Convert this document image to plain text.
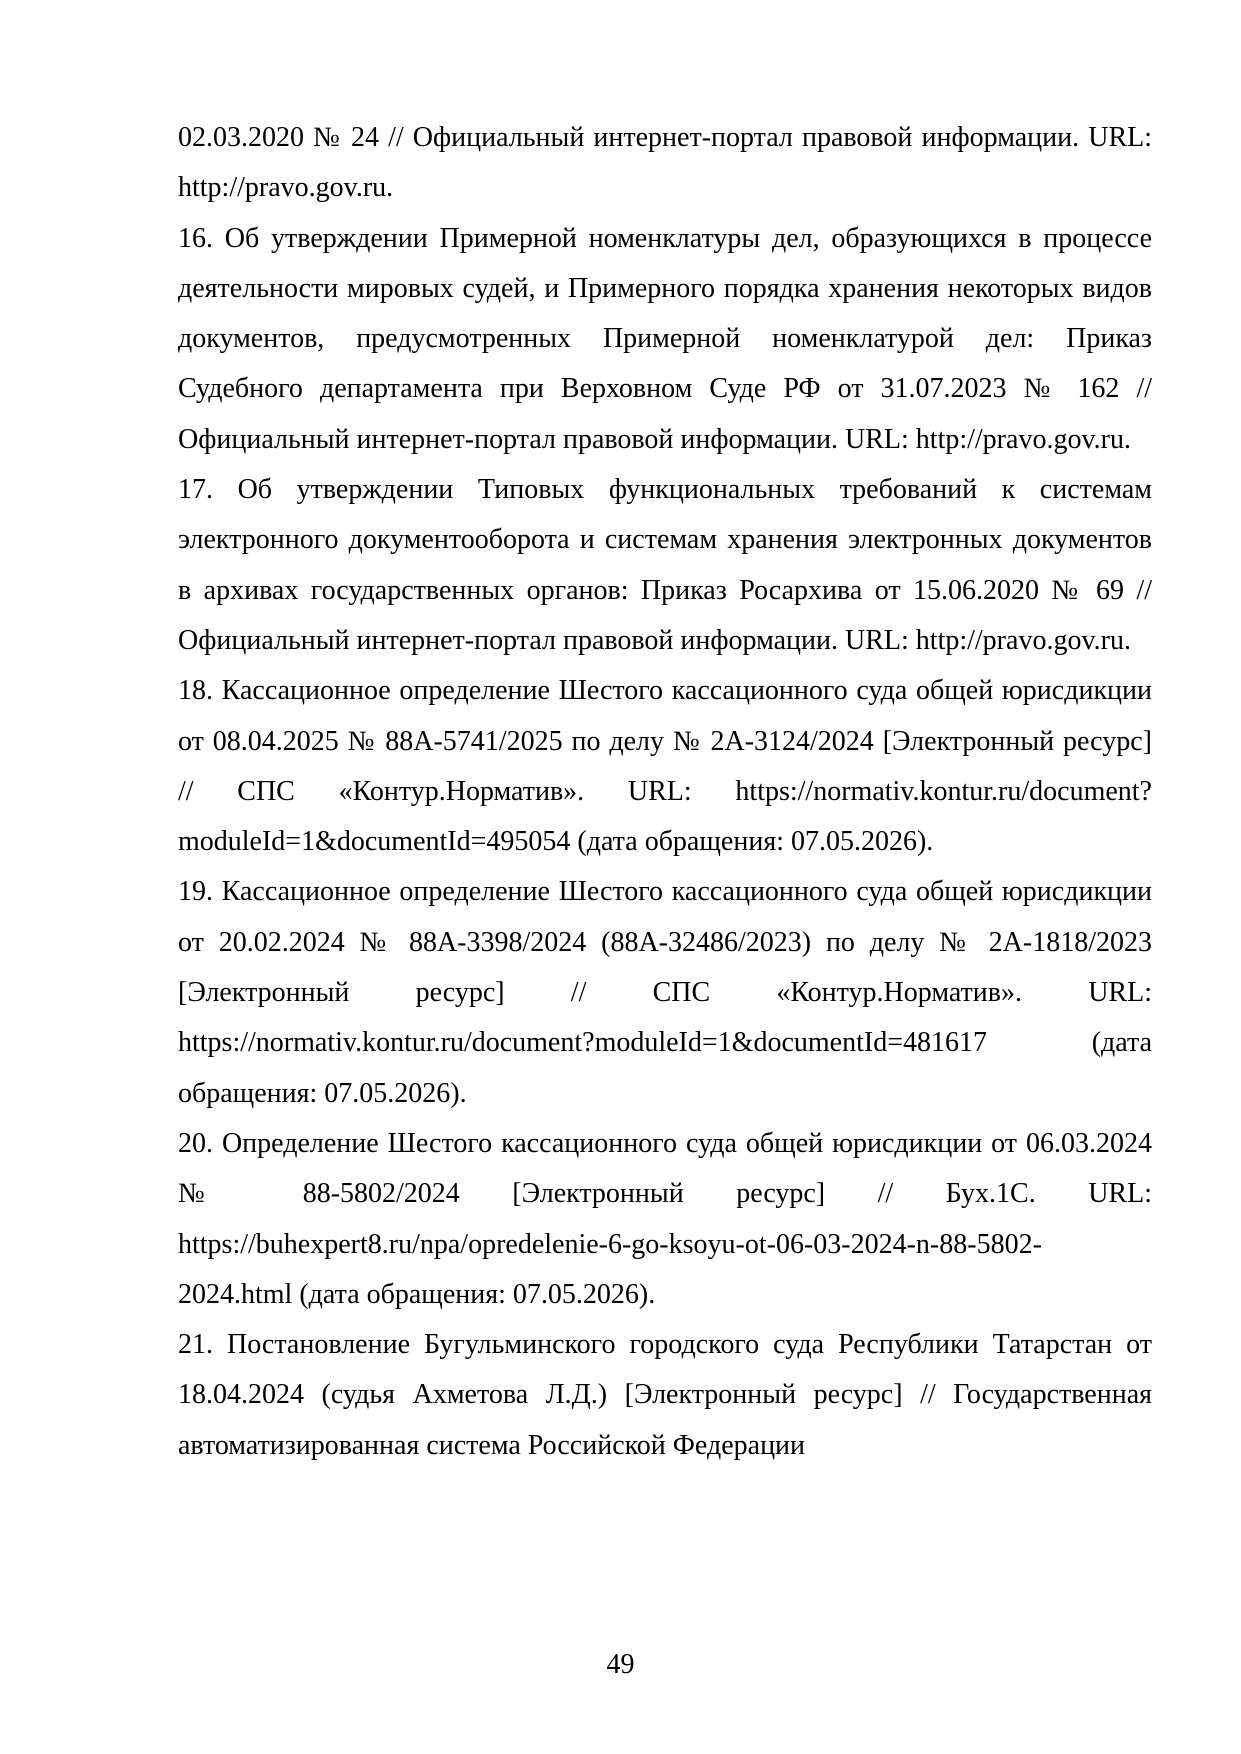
02.03.2020 № 24 // Официальный интернет-портал правовой информации. URL: http://pravo.gov.ru.

16. Об утверждении Примерной номенклатуры дел, образующихся в процессе деятельности мировых судей, и Примерного порядка хранения некоторых видов документов, предусмотренных Примерной номенклатурой дел: Приказ Судебного департамента при Верховном Суде РФ от 31.07.2023 № 162 // Официальный интернет-портал правовой информации. URL: http://pravo.gov.ru.

17. Об утверждении Типовых функциональных требований к системам электронного документооборота и системам хранения электронных документов в архивах государственных органов: Приказ Росархива от 15.06.2020 № 69 // Официальный интернет-портал правовой информации. URL: http://pravo.gov.ru.

18. Кассационное определение Шестого кассационного суда общей юрисдикции от 08.04.2025 № 88А-5741/2025 по делу № 2А-3124/2024 [Электронный ресурс] // СПС «Контур.Норматив». URL: https://normativ.kontur.ru/document?moduleId=1&documentId=495054 (дата обращения: 07.05.2026).

19. Кассационное определение Шестого кассационного суда общей юрисдикции от 20.02.2024 № 88А-3398/2024 (88А-32486/2023) по делу № 2А-1818/2023 [Электронный ресурс] // СПС «Контур.Норматив». URL: https://normativ.kontur.ru/document?moduleId=1&documentId=481617 (дата обращения: 07.05.2026).

20. Определение Шестого кассационного суда общей юрисдикции от 06.03.2024 № 88-5802/2024 [Электронный ресурс] // Бух.1С. URL: https://buhexpert8.ru/npa/opredelenie-6-go-ksoyu-ot-06-03-2024-n-88-5802-2024.html (дата обращения: 07.05.2026).

21. Постановление Бугульминского городского суда Республики Татарстан от 18.04.2024 (судья Ахметова Л.Д.) [Электронный ресурс] // Государственная автоматизированная система Российской Федерации

49
